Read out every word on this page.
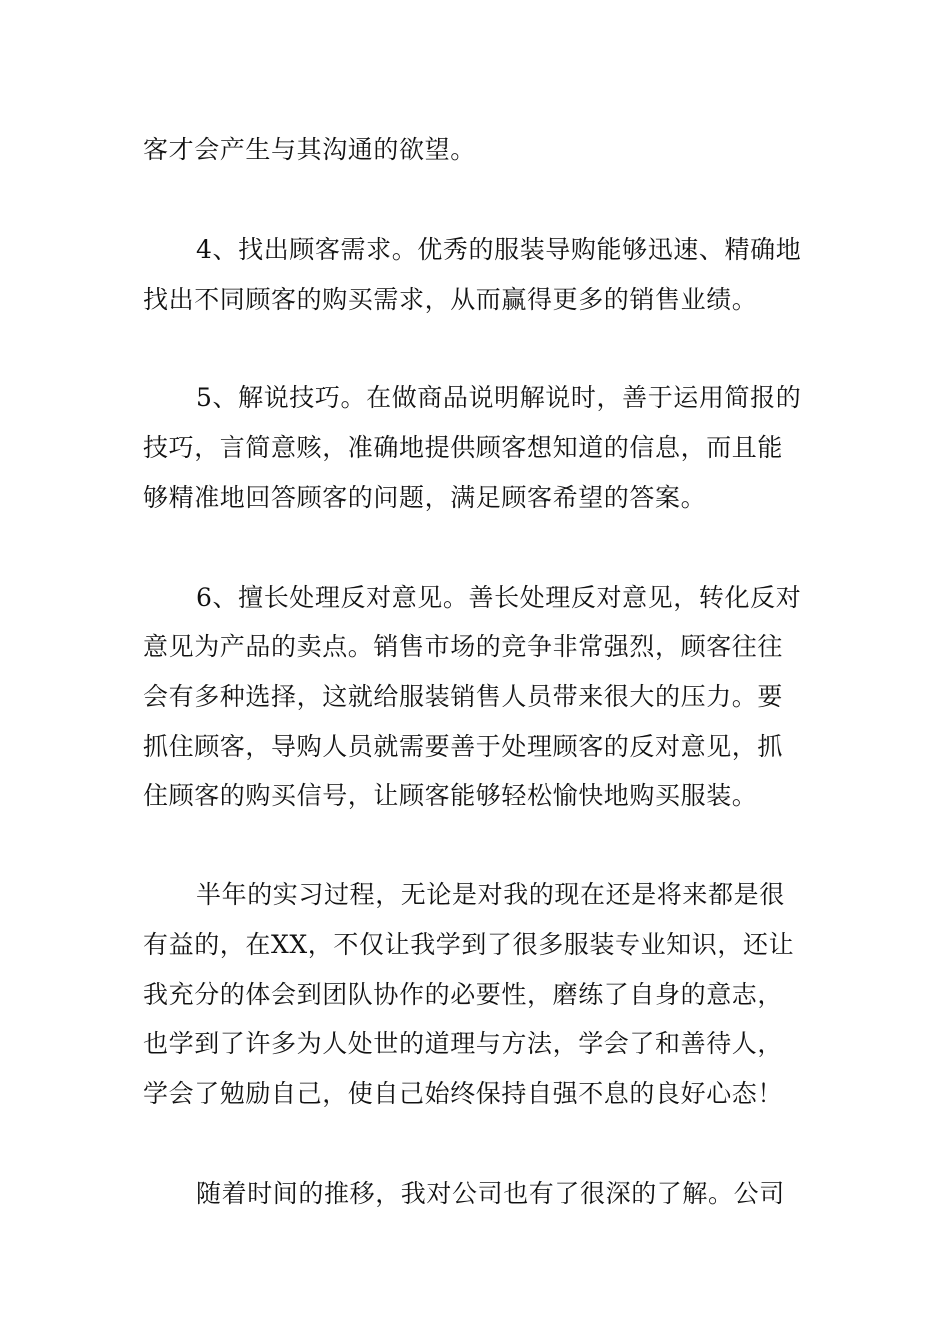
客才会产生与其沟通的欲望。

4、找出顾客需求。优秀的服装导购能够迅速、精确地

找出不同顾客的购买需求，从而赢得更多的销售业绩。

5、解说技巧。在做商品说明解说时，善于运用简报的

技巧，言简意赅，准确地提供顾客想知道的信息，而且能

够精准地回答顾客的问题，满足顾客希望的答案。

6、擅长处理反对意见。善长处理反对意见，转化反对

意见为产品的卖点。销售市场的竞争非常强烈，顾客往往

会有多种选择，这就给服装销售人员带来很大的压力。要

抓住顾客，导购人员就需要善于处理顾客的反对意见，抓

住顾客的购买信号，让顾客能够轻松愉快地购买服装。

半年的实习过程，无论是对我的现在还是将来都是很

有益的，在XX，不仅让我学到了很多服装专业知识，还让

我充分的体会到团队协作的必要性，磨练了自身的意志，

也学到了许多为人处世的道理与方法，学会了和善待人，

学会了勉励自己，使自己始终保持自强不息的良好心态！

随着时间的推移，我对公司也有了很深的了解。公司
